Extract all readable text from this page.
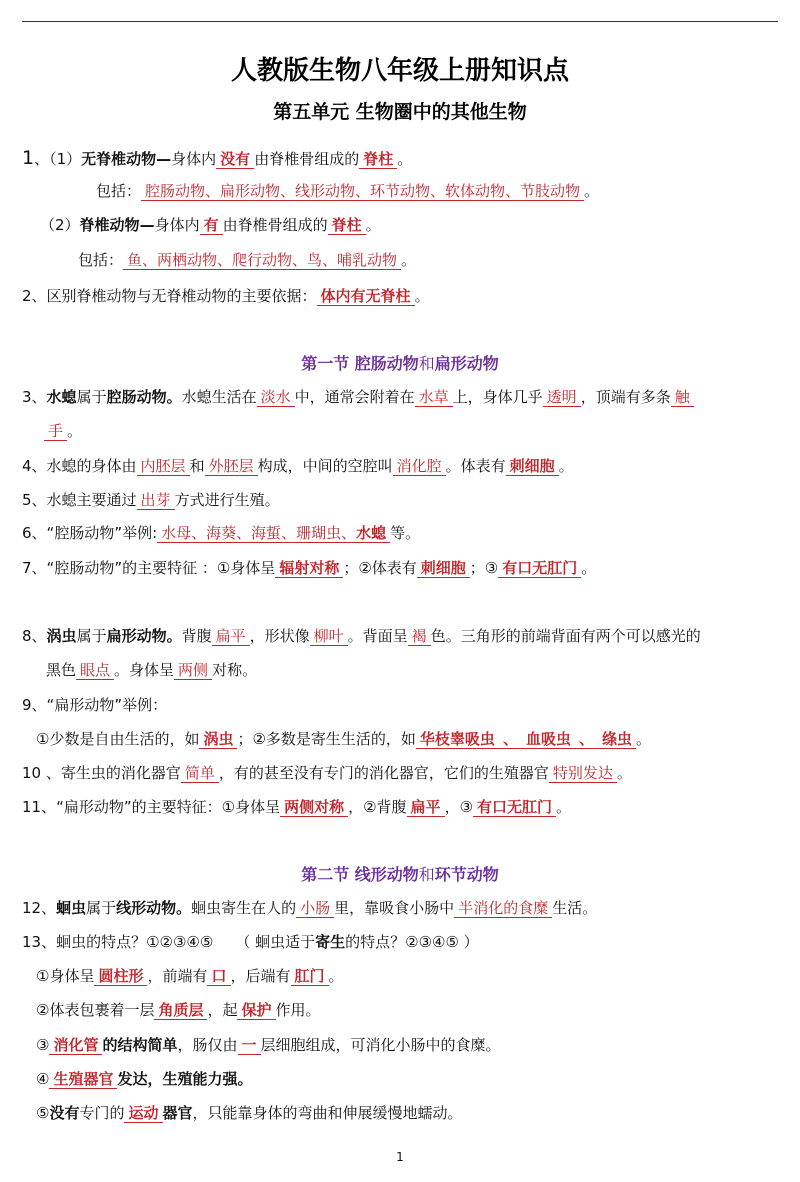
人教版生物八年级上册知识点
第五单元 生物圈中的其他生物
1、（1）无脊椎动物—身体内 没有 由脊椎骨组成的 脊柱 。
包括： 腔肠动物、扁形动物、线形动物、环节动物、软体动物、节肢动物 。
（2）脊椎动物—身体内 有 由脊椎骨组成的 脊柱 。
包括： 鱼、两栖动物、爬行动物、鸟、哺乳动物 。
2、区别脊椎动物与无脊椎动物的主要依据： 体内有无脊柱 。
第一节 腔肠动物和扁形动物
3、水螅属于腔肠动物。水螅生活在 淡水 中，通常会附着在 水草 上，身体几乎 透明 ，顶端有多条 触
手 。
4、水螅的身体由 内胚层 和 外胚层 构成，中间的空腔叫 消化腔 。体表有 刺细胞 。
5、水螅主要通过 出芽 方式进行生殖。
6、“腔肠动物”举例: 水母、海葵、海蜇、珊瑚虫、水螅 等。
7、“腔肠动物”的主要特征 ：①身体呈 辐射对称 ；②体表有 刺细胞 ；③ 有口无肛门 。
8、涡虫属于扁形动物。背腹 扁平 ，形状像 柳叶 。背面呈 褐 色。三角形的前端背面有两个可以感光的
黑色 眼点 。身体呈 两侧 对称。
9、“扁形动物”举例：
①少数是自由生活的，如 涡虫 ；②多数是寄生生活的，如 华枝睾吸虫 、 血吸虫 、 绦虫 。
10 、寄生虫的消化器官 简单 ，有的甚至没有专门的消化器官，它们的生殖器官 特别发达 。
11、“扁形动物”的主要特征：①身体呈 两侧对称 ，②背腹 扁平 ，③ 有口无肛门 。
第二节 线形动物和环节动物
12、蛔虫属于线形动物。蛔虫寄生在人的 小肠 里，靠吸食小肠中 半消化的食糜 生活。
13、蛔虫的特点？①②③④⑤ （ 蛔虫适于寄生的特点？②③④⑤ ）
①身体呈 圆柱形 ，前端有 口 ，后端有 肛门 。
②体表包裹着一层 角质层 ，起 保护 作用。
③ 消化管 的结构简单，肠仅由 一 层细胞组成，可消化小肠中的食糜。
④ 生殖器官 发达，生殖能力强。
⑤没有专门的 运动 器官，只能靠身体的弯曲和伸展缓慢地蠕动。
1
